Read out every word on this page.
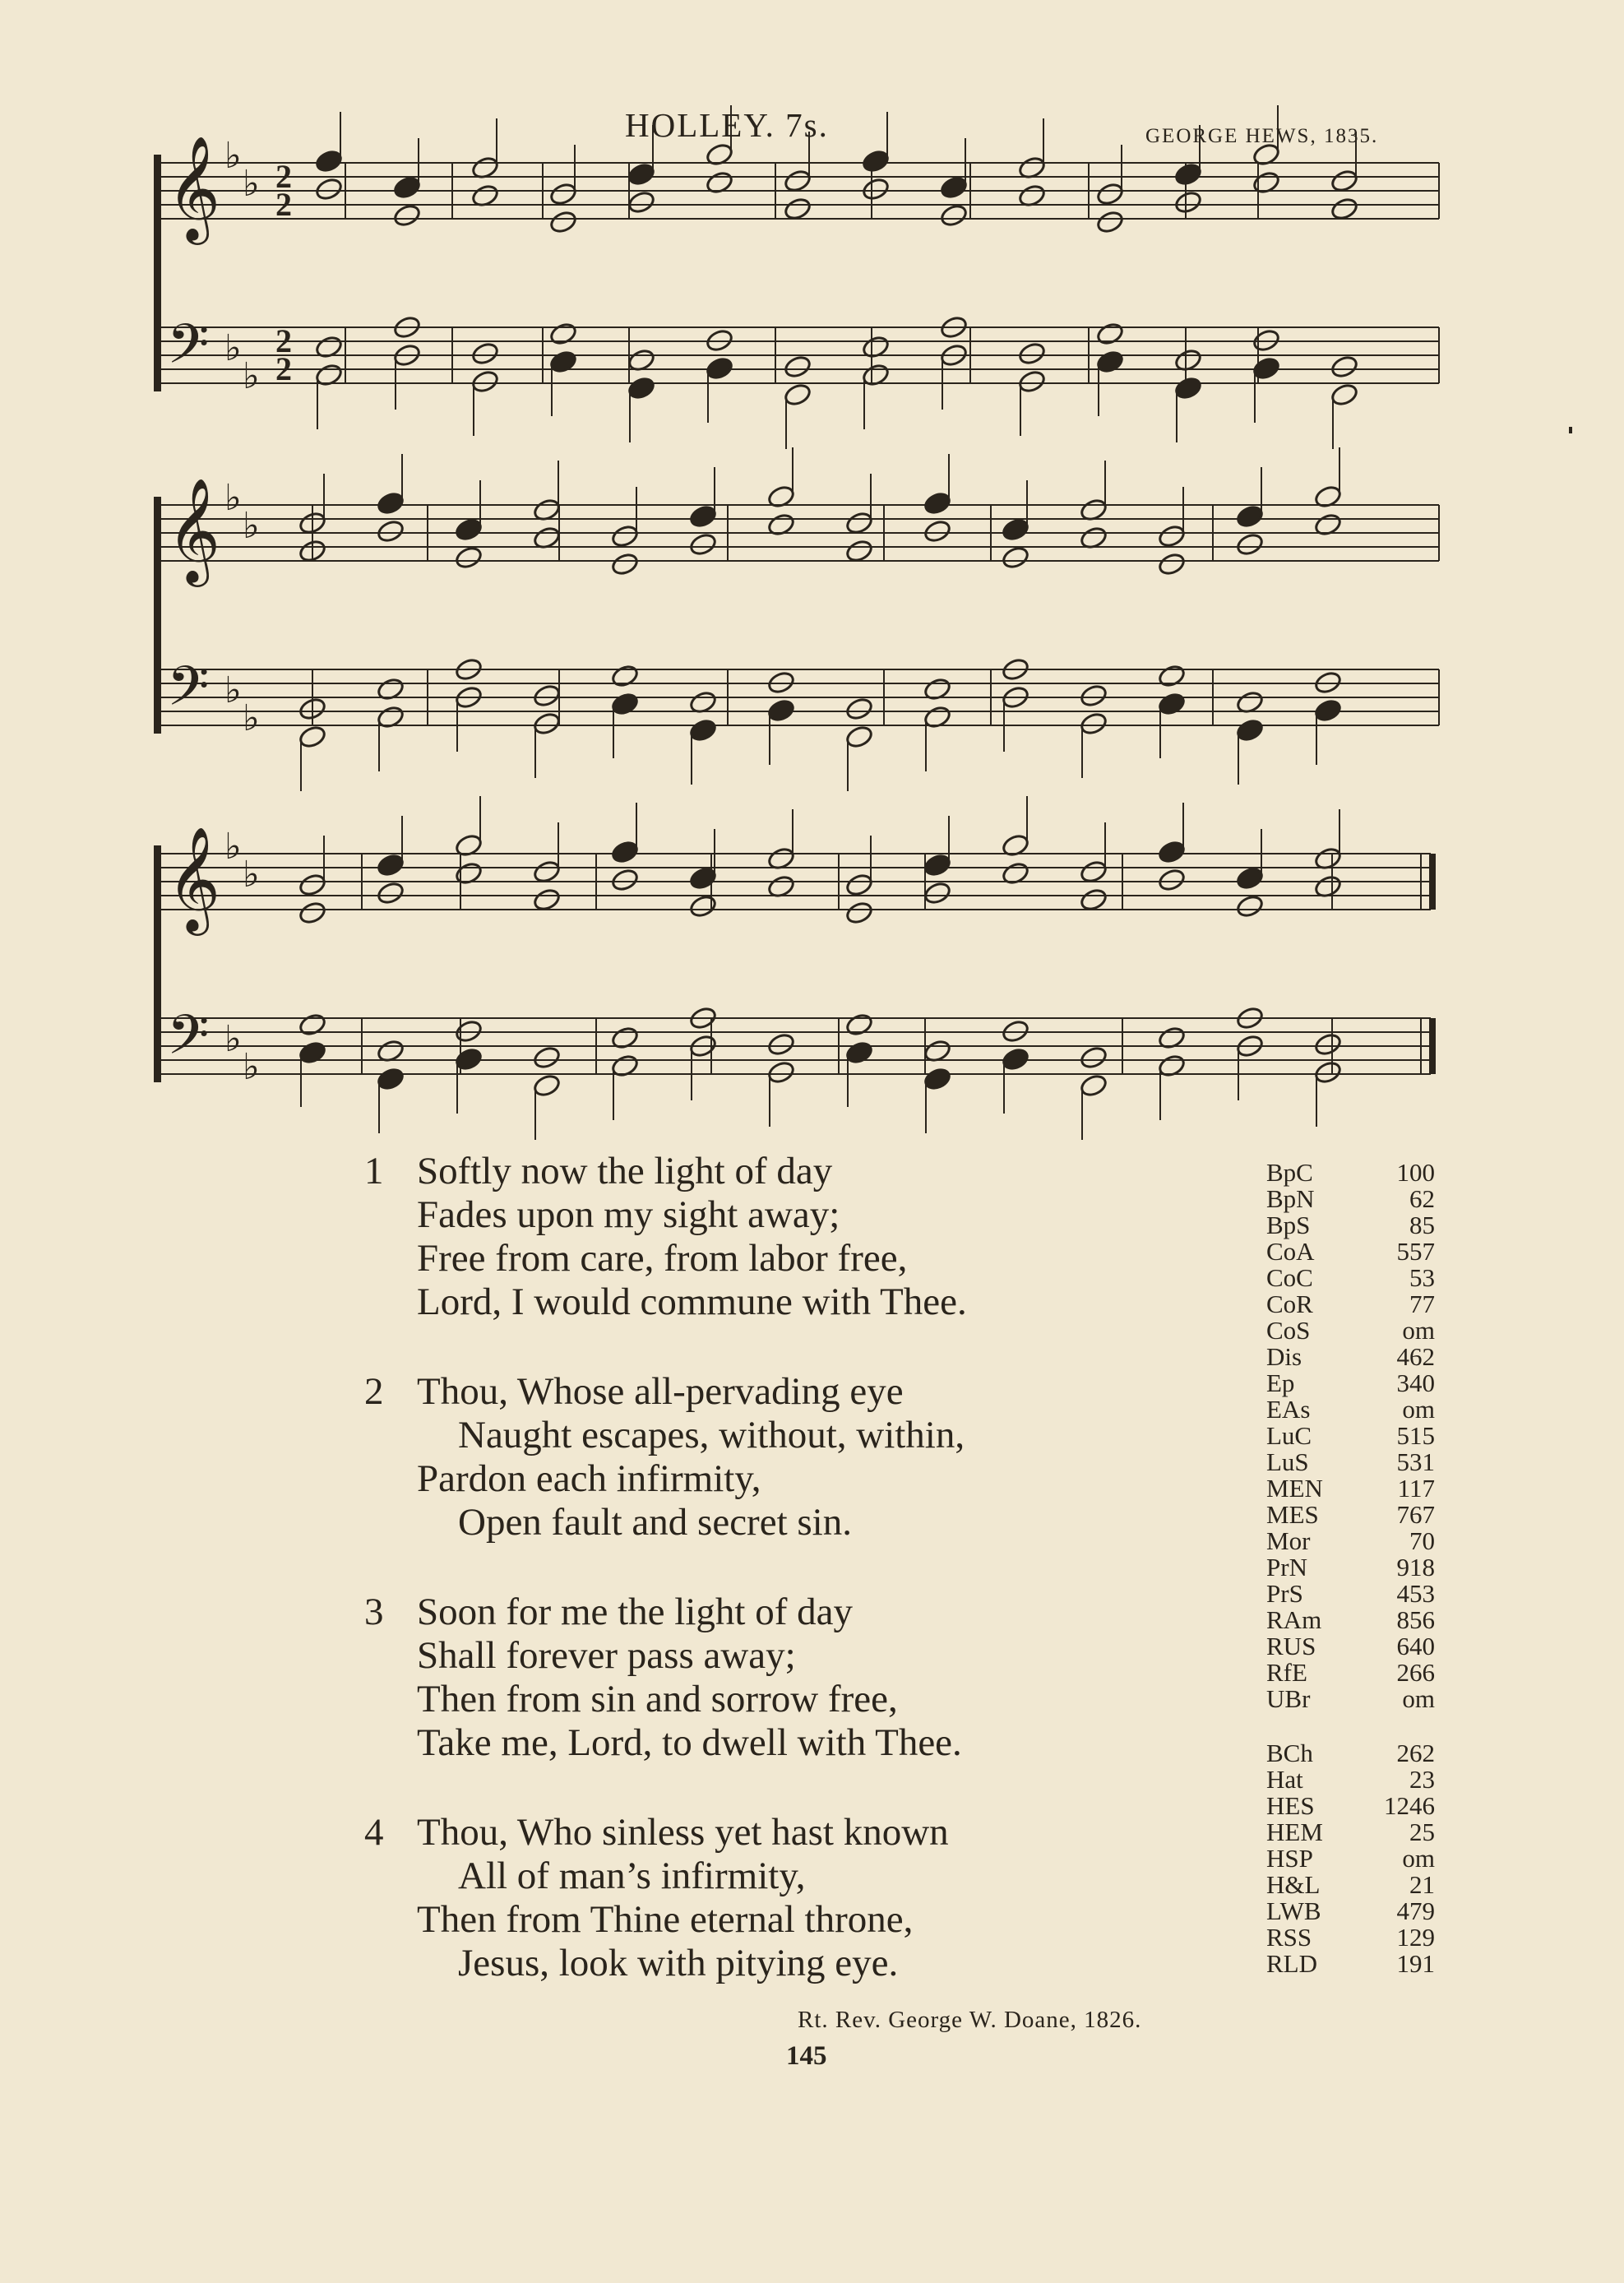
HOLLEY. 7s.	GEORGE HEWS, 1835.
𝄞 ♭
♭ 2
2
𝄢 ♭
♭
2
2
𝄞 ♭
♭
𝄢 ♭
♭
𝄞 ♭
♭
𝄢 ♭
♭
1 Softly now the light of day
Fades upon my sight away;
Free from care, from labor free,
Lord, I would commune with Thee.
2 Thou, Whose all-pervading eye
Naught escapes, without, within,
Pardon each infirmity,
Open fault and secret sin.
3 Soon for me the light of day
Shall forever pass away;
Then from sin and sorrow free,
Take me, Lord, to dwell with Thee.
4 Thou, Who sinless yet hast known
All of man’s infirmity,
Then from Thine eternal throne,
Jesus, look with pitying eye.
BpC	100
BpN	62
BpS	85
CoA	557
CoC	53
CoR	77
CoS	om
Dis	462
Ep	340
EAs	om
LuC	515
LuS	531
MEN	117
MES	767
Mor	70
PrN	918
PrS	453
RAm	856
RUS	640
RfE	266
UBr	om
BCh	262
Hat	23
HES	1246
HEM	25
HSP	om
H&L	21
LWB	479
RSS	129
RLD	191
Rt. Rev. George W. Doane, 1826.
145
